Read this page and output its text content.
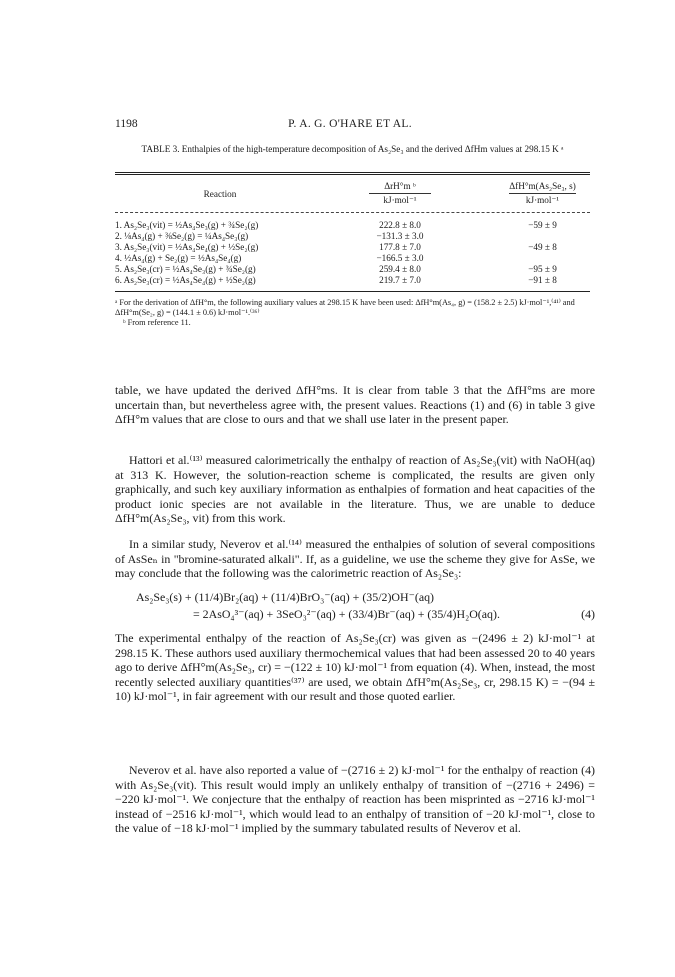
1198	P. A. G. O'HARE ET AL.
TABLE 3. Enthalpies of the high-temperature decomposition of As₂Se₃ and the derived ΔfHm values at 298.15 K ᵃ
Reaction
ΔrH°m ᵇ
kJ·mol⁻¹
ΔfH°m(As₂Se₃, s)
kJ·mol⁻¹
1. As₂Se₃(vit) = ½As₄Se₃(g) + ¾Se₂(g)	222.8 ± 8.0	−59 ± 9
2. ⅛As₄(g) + ⅜Se₂(g) = ¼As₄Se₃(g)	−131.3 ± 3.0
3. As₂Se₃(vit) = ½As₄Se₄(g) + ½Se₂(g)	177.8 ± 7.0	−49 ± 8
4. ½As₄(g) + Se₂(g) = ½As₄Se₄(g)	−166.5 ± 3.0
5. As₂Se₃(cr) = ½As₄Se₃(g) + ¾Se₂(g)	259.4 ± 8.0	−95 ± 9
6. As₂Se₃(cr) = ½As₄Se₄(g) + ½Se₂(g)	219.7 ± 7.0	−91 ± 8
ᵃ For the derivation of ΔfH°m, the following auxiliary values at 298.15 K have been used: ΔfH°m(As₄, g) = (158.2 ± 2.5) kJ·mol⁻¹,⁽⁴¹⁾ and ΔfH°m(Se₂, g) = (144.1 ± 0.6) kJ·mol⁻¹.⁽³⁶⁾
ᵇ From reference 11.
table, we have updated the derived ΔfH°ms. It is clear from table 3 that the ΔfH°ms are more uncertain than, but nevertheless agree with, the present values. Reactions (1) and (6) in table 3 give ΔfH°m values that are close to ours and that we shall use later in the present paper.
Hattori et al.⁽¹³⁾ measured calorimetrically the enthalpy of reaction of As₂Se₃(vit) with NaOH(aq) at 313 K. However, the solution-reaction scheme is complicated, the results are given only graphically, and such key auxiliary information as enthalpies of formation and heat capacities of the product ionic species are not available in the literature. Thus, we are unable to deduce ΔfH°m(As₂Se₃, vit) from this work.
In a similar study, Neverov et al.⁽¹⁴⁾ measured the enthalpies of solution of several compositions of AsSeₙ in "bromine-saturated alkali". If, as a guideline, we use the scheme they give for AsSe, we may conclude that the following was the calorimetric reaction of As₂Se₃:
As₂Se₃(s) + (11/4)Br₂(aq) + (11/4)BrO₃⁻(aq) + (35/2)OH⁻(aq)
= 2AsO₄³⁻(aq) + 3SeO₃²⁻(aq) + (33/4)Br⁻(aq) + (35/4)H₂O(aq).	(4)
The experimental enthalpy of the reaction of As₂Se₃(cr) was given as −(2496 ± 2) kJ·mol⁻¹ at 298.15 K. These authors used auxiliary thermochemical values that had been assessed 20 to 40 years ago to derive ΔfH°m(As₂Se₃, cr) = −(122 ± 10) kJ·mol⁻¹ from equation (4). When, instead, the most recently selected auxiliary quantities⁽³⁷⁾ are used, we obtain ΔfH°m(As₂Se₃, cr, 298.15 K) = −(94 ± 10) kJ·mol⁻¹, in fair agreement with our result and those quoted earlier.
Neverov et al. have also reported a value of −(2716 ± 2) kJ·mol⁻¹ for the enthalpy of reaction (4) with As₂Se₃(vit). This result would imply an unlikely enthalpy of transition of −(2716 + 2496) = −220 kJ·mol⁻¹. We conjecture that the enthalpy of reaction has been misprinted as −2716 kJ·mol⁻¹ instead of −2516 kJ·mol⁻¹, which would lead to an enthalpy of transition of −20 kJ·mol⁻¹, close to the value of −18 kJ·mol⁻¹ implied by the summary tabulated results of Neverov et al.
